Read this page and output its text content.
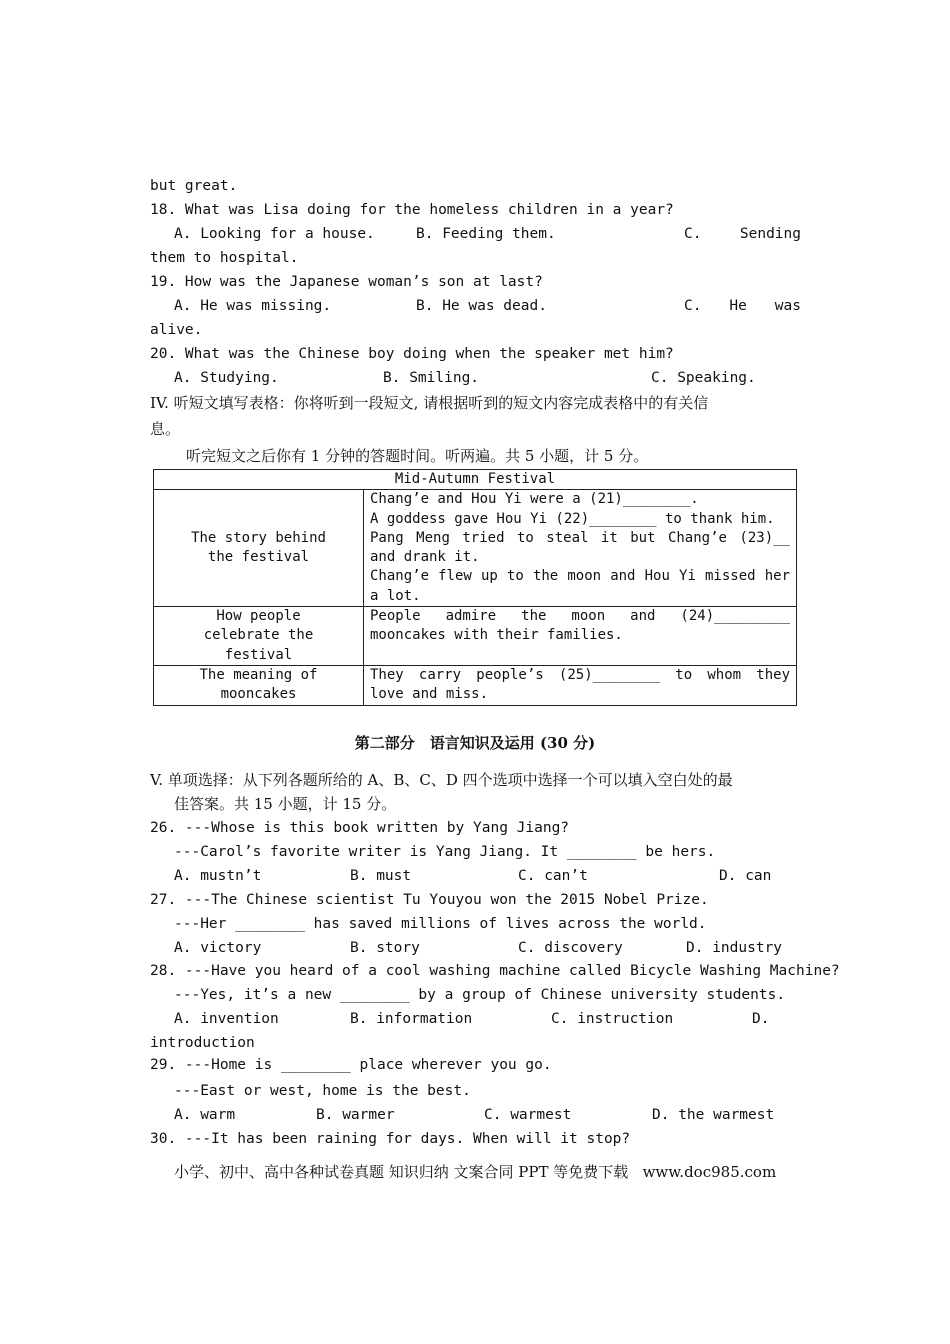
but great.
18. What was Lisa doing for the homeless children in a year?
A. Looking for a house.	B. Feeding them.	C.	Sending
them to hospital.
19. How was the Japanese woman’s son at last?
A. He was missing.	B. He was dead.	C. He was
alive.
20. What was the Chinese boy doing when the speaker met him?
A. Studying.	B. Smiling.	C. Speaking.
IV. 听短文填写表格：你将听到一段短文, 请根据听到的短文内容完成表格中的有关信
息。
听完短文之后你有 1 分钟的答题时间。听两遍。共 5 小题，计 5 分。
Mid-Autumn Festival	
The story behind the festival	Chang’e and Hou Yi were a (21)________.
A goddess gave Hou Yi (22)________ to thank him.
Pang Meng tried to steal it but Chang’e (23)__ and drank it.
Chang’e flew up to the moon and Hou Yi missed her a lot.

How people celebrate the festival	People admire the moon and (24)_________ mooncakes with their families.
The meaning of mooncakes	They carry people’s (25)________ to whom they love and miss.
第二部分　语言知识及运用 (30 分)
V. 单项选择：从下列各题所给的 A、B、C、D 四个选项中选择一个可以填入空白处的最
佳答案。共 15 小题，计 15 分。
26. ---Whose is this book written by Yang Jiang?
---Carol’s favorite writer is Yang Jiang. It ________ be hers.
A. mustn’t	B. must	C. can’t	D. can
27. ---The Chinese scientist Tu Youyou won the 2015 Nobel Prize.
---Her ________ has saved millions of lives across the world.
A. victory	B. story	C. discovery	D. industry
28. ---Have you heard of a cool washing machine called Bicycle Washing Machine?
---Yes, it’s a new ________ by a group of Chinese university students.
A. invention	B. information	C. instruction	D.
introduction
29. ---Home is ________ place wherever you go.
---East or west, home is the best.
A. warm	B. warmer	C. warmest	D. the warmest
30. ---It has been raining for days. When will it stop?
小学、初中、高中各种试卷真题 知识归纳 文案合同 PPT 等免费下载   www.doc985.com
